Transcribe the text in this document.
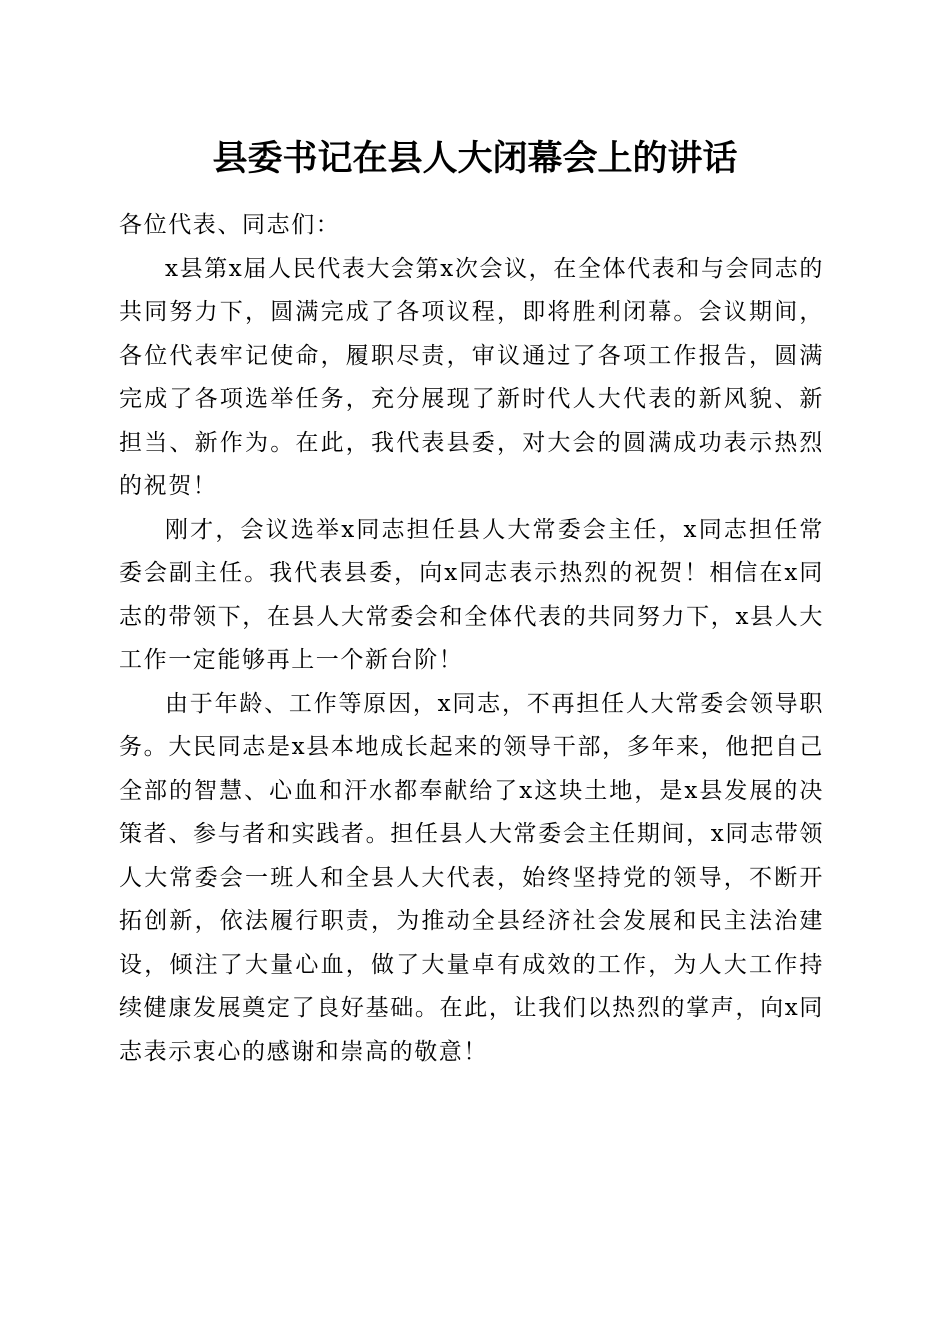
县委书记在县人大闭幕会上的讲话

各位代表、同志们：

x县第x届人民代表大会第x次会议，在全体代表和与会同志的共同努力下，圆满完成了各项议程，即将胜利闭幕。会议期间，各位代表牢记使命，履职尽责，审议通过了各项工作报告，圆满完成了各项选举任务，充分展现了新时代人大代表的新风貌、新担当、新作为。在此，我代表县委，对大会的圆满成功表示热烈的祝贺！

刚才，会议选举x同志担任县人大常委会主任，x同志担任常委会副主任。我代表县委，向x同志表示热烈的祝贺！相信在x同志的带领下，在县人大常委会和全体代表的共同努力下，x县人大工作一定能够再上一个新台阶！

由于年龄、工作等原因，x同志，不再担任人大常委会领导职务。大民同志是x县本地成长起来的领导干部，多年来，他把自己全部的智慧、心血和汗水都奉献给了x这块土地，是x县发展的决策者、参与者和实践者。担任县人大常委会主任期间，x同志带领人大常委会一班人和全县人大代表，始终坚持党的领导，不断开拓创新，依法履行职责，为推动全县经济社会发展和民主法治建设，倾注了大量心血，做了大量卓有成效的工作，为人大工作持续健康发展奠定了良好基础。在此，让我们以热烈的掌声，向x同志表示衷心的感谢和崇高的敬意！
